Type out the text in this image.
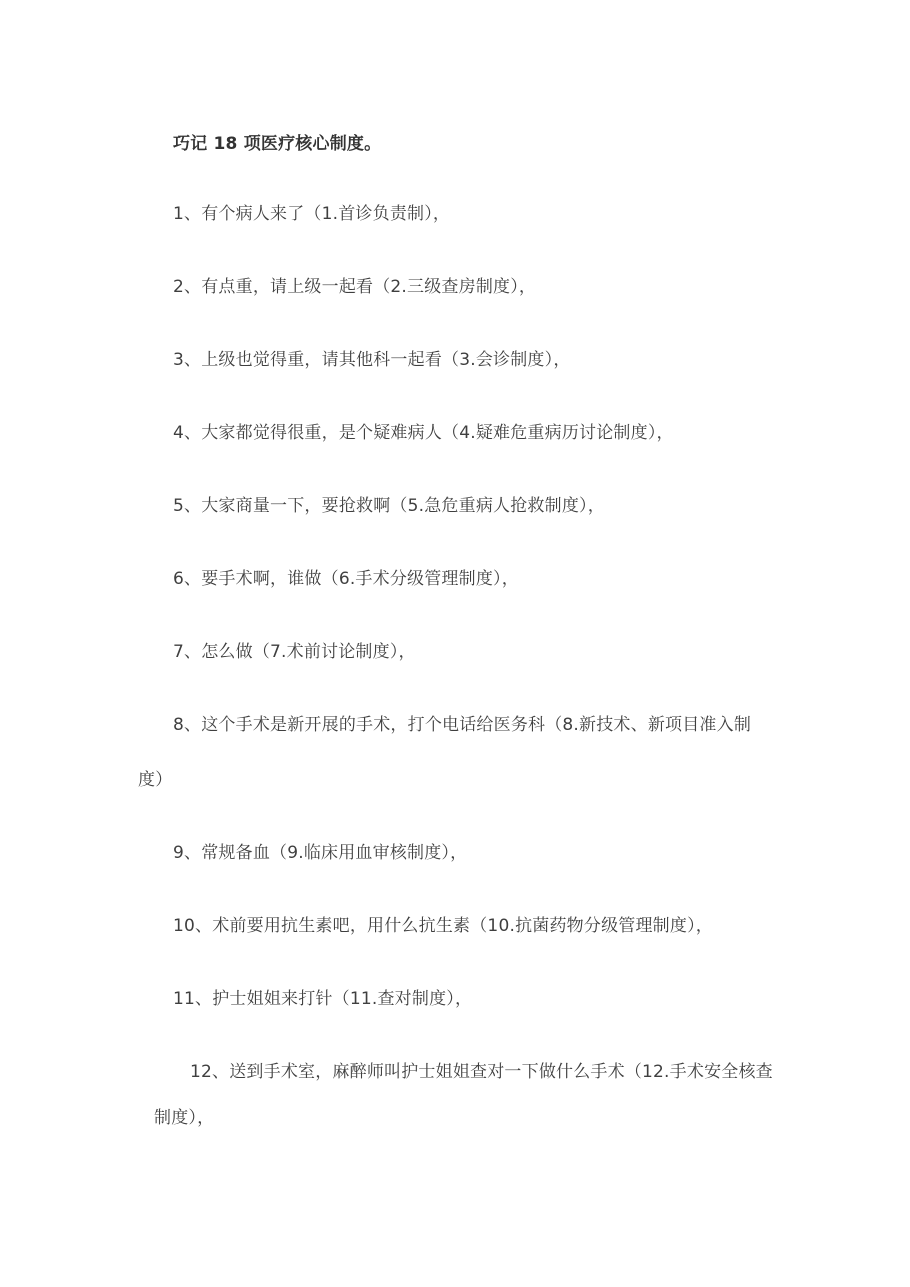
巧记 18 项医疗核心制度。
1、有个病人来了（1.首诊负责制），
2、有点重，请上级一起看（2.三级查房制度），
3、上级也觉得重，请其他科一起看（3.会诊制度），
4、大家都觉得很重，是个疑难病人（4.疑难危重病历讨论制度），
5、大家商量一下，要抢救啊（5.急危重病人抢救制度），
6、要手术啊，谁做（6.手术分级管理制度），
7、怎么做（7.术前讨论制度），
8、这个手术是新开展的手术，打个电话给医务科（8.新技术、新项目准入制
度）
9、常规备血（9.临床用血审核制度），
10、术前要用抗生素吧，用什么抗生素（10.抗菌药物分级管理制度），
11、护士姐姐来打针（11.查对制度），
12、送到手术室，麻醉师叫护士姐姐查对一下做什么手术（12.手术安全核查
制度），
